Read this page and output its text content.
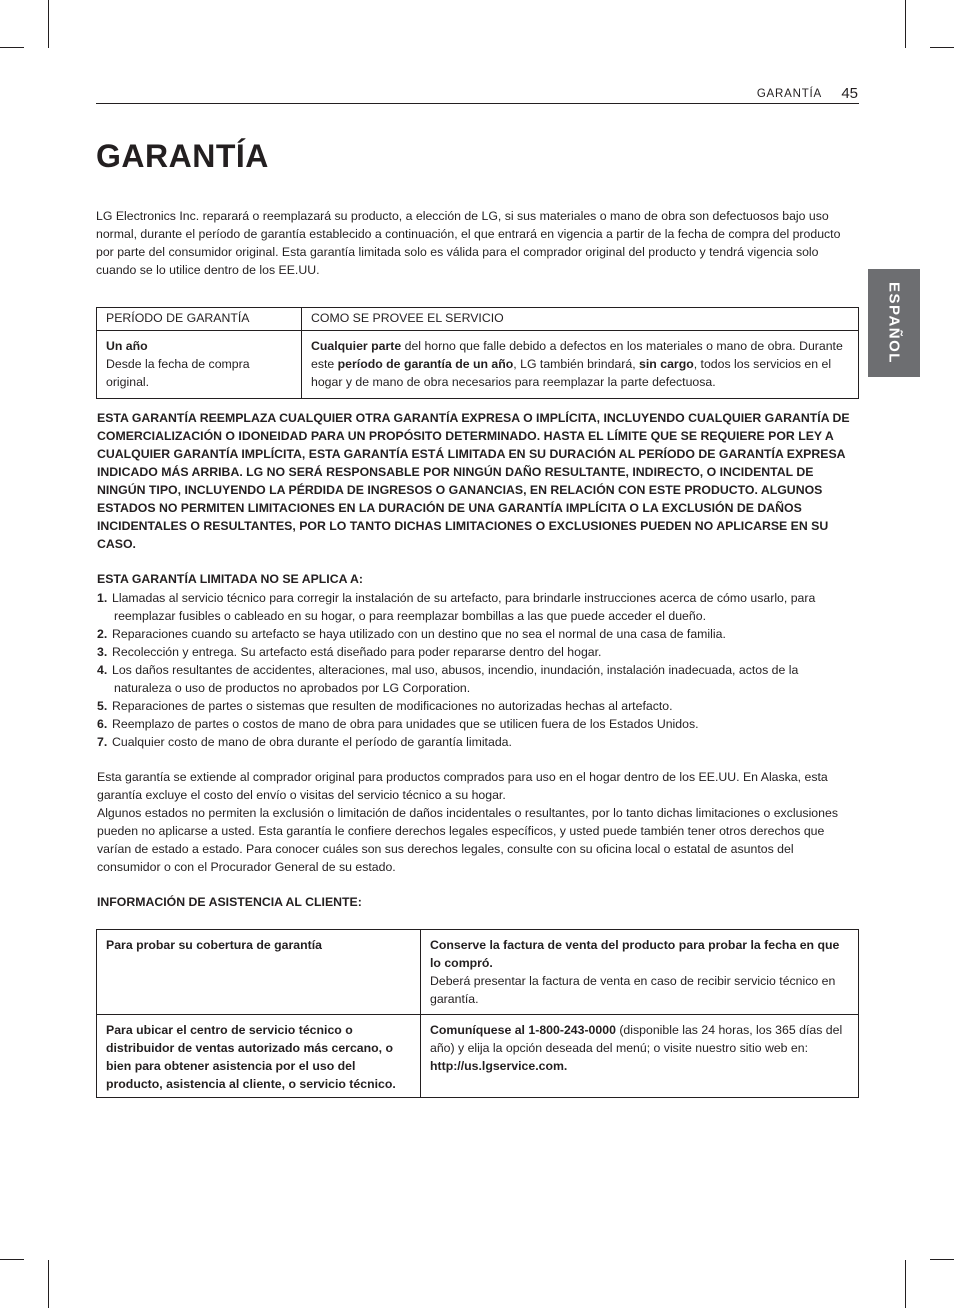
GARANTÍA 45
ESPAÑOL
GARANTÍA

LG Electronics Inc. reparará o reemplazará su producto, a elección de LG, si sus materiales o mano de obra son defectuosos bajo uso normal, durante el período de garantía establecido a continuación, el que entrará en vigencia a partir de la fecha de compra del producto por parte del consumidor original. Esta garantía limitada solo es válida para el comprador original del producto y tendrá vigencia solo cuando se lo utilice dentro de los EE.UU.

PERÍODO DE GARANTÍA	COMO SE PROVEE EL SERVICIO

Un año
Desde la fecha de compra original.	Cualquier parte del horno que falle debido a defectos en los materiales o mano de obra. Durante este período de garantía de un año, LG también brindará, sin cargo, todos los servicios en el hogar y de mano de obra necesarios para reemplazar la parte defectuosa.

ESTA GARANTÍA REEMPLAZA CUALQUIER OTRA GARANTÍA EXPRESA O IMPLÍCITA, INCLUYENDO CUALQUIER GARANTÍA DE COMERCIALIZACIÓN O IDONEIDAD PARA UN PROPÓSITO DETERMINADO. HASTA EL LÍMITE QUE SE REQUIERE POR LEY A CUALQUIER GARANTÍA IMPLÍCITA, ESTA GARANTÍA ESTÁ LIMITADA EN SU DURACIÓN AL PERÍODO DE GARANTÍA EXPRESA INDICADO MÁS ARRIBA. LG NO SERÁ RESPONSABLE POR NINGÚN DAÑO RESULTANTE, INDIRECTO, O INCIDENTAL DE NINGÚN TIPO, INCLUYENDO LA PÉRDIDA DE INGRESOS O GANANCIAS, EN RELACIÓN CON ESTE PRODUCTO. ALGUNOS ESTADOS NO PERMITEN LIMITACIONES EN LA DURACIÓN DE UNA GARANTÍA IMPLÍCITA O LA EXCLUSIÓN DE DAÑOS INCIDENTALES O RESULTANTES, POR LO TANTO DICHAS LIMITACIONES O EXCLUSIONES PUEDEN NO APLICARSE EN SU CASO.

ESTA GARANTÍA LIMITADA NO SE APLICA A:

1. Llamadas al servicio técnico para corregir la instalación de su artefacto, para brindarle instrucciones acerca de cómo usarlo, para reemplazar fusibles o cableado en su hogar, o para reemplazar bombillas a las que puede acceder el dueño.
2. Reparaciones cuando su artefacto se haya utilizado con un destino que no sea el normal de una casa de familia.
3. Recolección y entrega. Su artefacto está diseñado para poder repararse dentro del hogar.
4. Los daños resultantes de accidentes, alteraciones, mal uso, abusos, incendio, inundación, instalación inadecuada, actos de la naturaleza o uso de productos no aprobados por LG Corporation.
5. Reparaciones de partes o sistemas que resulten de modificaciones no autorizadas hechas al artefacto.
6. Reemplazo de partes o costos de mano de obra para unidades que se utilicen fuera de los Estados Unidos.
7. Cualquier costo de mano de obra durante el período de garantía limitada.
Esta garantía se extiende al comprador original para productos comprados para uso en el hogar dentro de los EE.UU. En Alaska, esta garantía excluye el costo del envío o visitas del servicio técnico a su hogar.
Algunos estados no permiten la exclusión o limitación de daños incidentales o resultantes, por lo tanto dichas limitaciones o exclusiones pueden no aplicarse a usted. Esta garantía le confiere derechos legales específicos, y usted puede también tener otros derechos que varían de estado a estado. Para conocer cuáles son sus derechos legales, consulte con su oficina local o estatal de asuntos del consumidor o con el Procurador General de su estado.

INFORMACIÓN DE ASISTENCIA AL CLIENTE:

Para probar su cobertura de garantía	Conserve la factura de venta del producto para probar la fecha en que lo compró.
Deberá presentar la factura de venta en caso de recibir servicio técnico en garantía.

Para ubicar el centro de servicio técnico o distribuidor de ventas autorizado más cercano, o bien para obtener asistencia por el uso del producto, asistencia al cliente, o servicio técnico.	Comuníquese al 1-800-243-0000 (disponible las 24 horas, los 365 días del año) y elija la opción deseada del menú; o visite nuestro sitio web en: http://us.lgservice.com.
